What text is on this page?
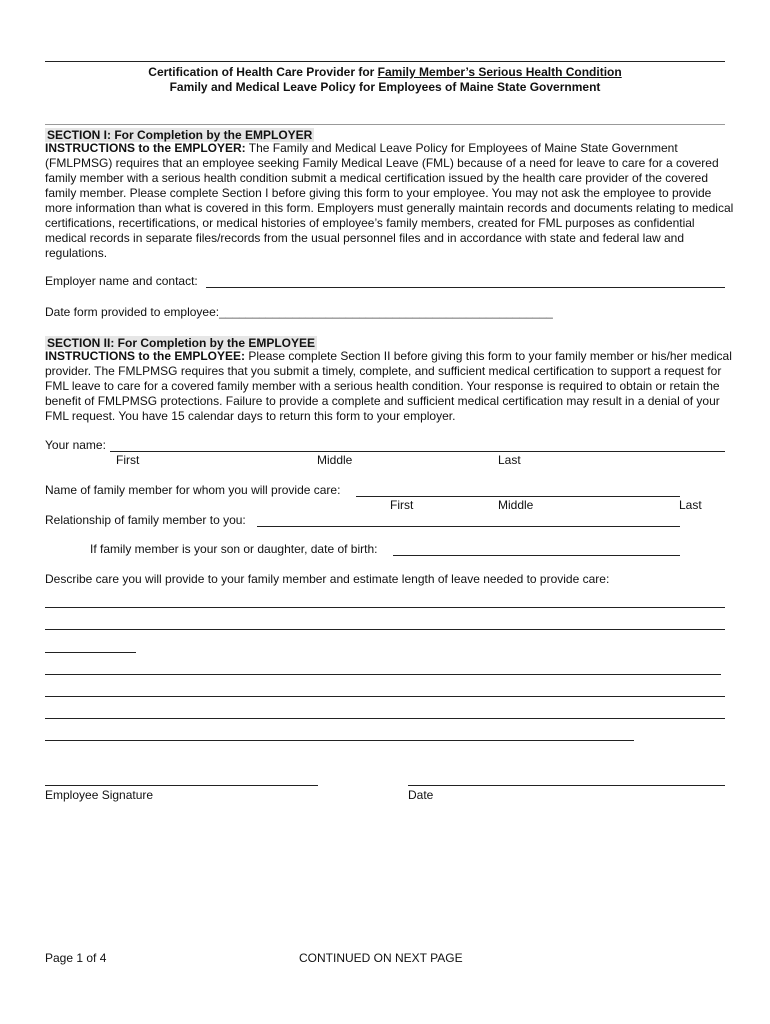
Certification of Health Care Provider for Family Member’s Serious Health Condition
Family and Medical Leave Policy for Employees of Maine State Government
SECTION I: For Completion by the EMPLOYER
INSTRUCTIONS to the EMPLOYER: The Family and Medical Leave Policy for Employees of Maine State Government (FMLPMSG) requires that an employee seeking Family Medical Leave (FML) because of a need for leave to care for a covered family member with a serious health condition submit a medical certification issued by the health care provider of the covered family member. Please complete Section I before giving this form to your employee. You may not ask the employee to provide more information than what is covered in this form. Employers must generally maintain records and documents relating to medical certifications, recertifications, or medical histories of employee’s family members, created for FML purposes as confidential medical records in separate files/records from the usual personnel files and in accordance with state and federal law and regulations.
Employer name and contact:
Date form provided to employee:__________________________________________________
SECTION II: For Completion by the EMPLOYEE
INSTRUCTIONS to the EMPLOYEE: Please complete Section II before giving this form to your family member or his/her medical provider. The FMLPMSG requires that you submit a timely, complete, and sufficient medical certification to support a request for FML leave to care for a covered family member with a serious health condition. Your response is required to obtain or retain the benefit of FMLPMSG protections. Failure to provide a complete and sufficient medical certification may result in a denial of your FML request. You have 15 calendar days to return this form to your employer.
Your name:
First	Middle	Last
Name of family member for whom you will provide care:
First	Middle	Last
Relationship of family member to you:
If family member is your son or daughter, date of birth:
Describe care you will provide to your family member and estimate length of leave needed to provide care:
Employee Signature	Date
Page 1 of 4	CONTINUED ON NEXT PAGE
